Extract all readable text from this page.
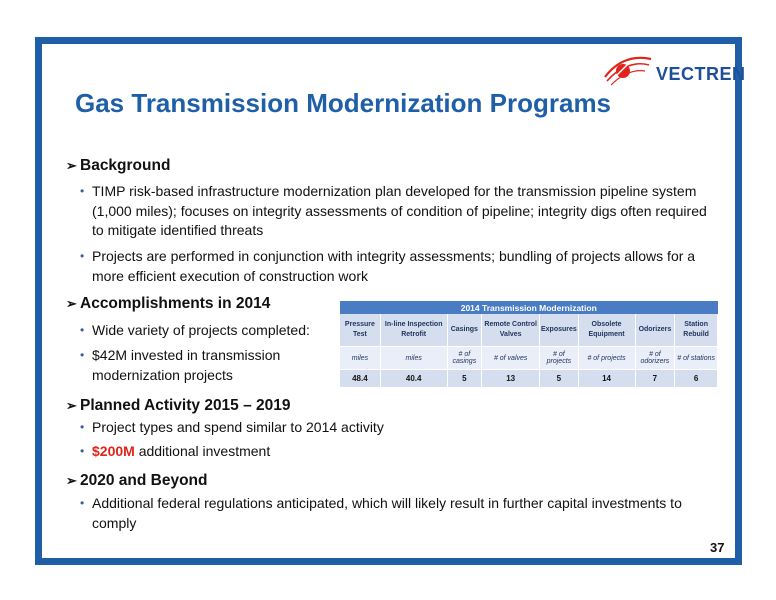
VECTREN
Gas Transmission Modernization Programs
➢ Background
• TIMP risk-based infrastructure modernization plan developed for the transmission pipeline system (1,000 miles); focuses on integrity assessments of condition of pipeline; integrity digs often required to mitigate identified threats
• Projects are performed in conjunction with integrity assessments; bundling of projects allows for a more efficient execution of construction work
➢ Accomplishments in 2014
• Wide variety of projects completed:
• $42M invested in transmission modernization projects
2014 Transmission Modernization							
Pressure Test	In-line Inspection Retrofit	Casings	Remote Control Valves	Exposures	Obsolete Equipment	Odorizers	Station Rebuild
miles	miles	# of casings	# of valves	# of projects	# of projects	# of odorizers	# of stations
48.4	40.4	5	13	5	14	7	6
➢ Planned Activity 2015 – 2019
• Project types and spend similar to 2014 activity
• $200M additional investment
➢ 2020 and Beyond
• Additional federal regulations anticipated, which will likely result in further capital investments to comply
37
